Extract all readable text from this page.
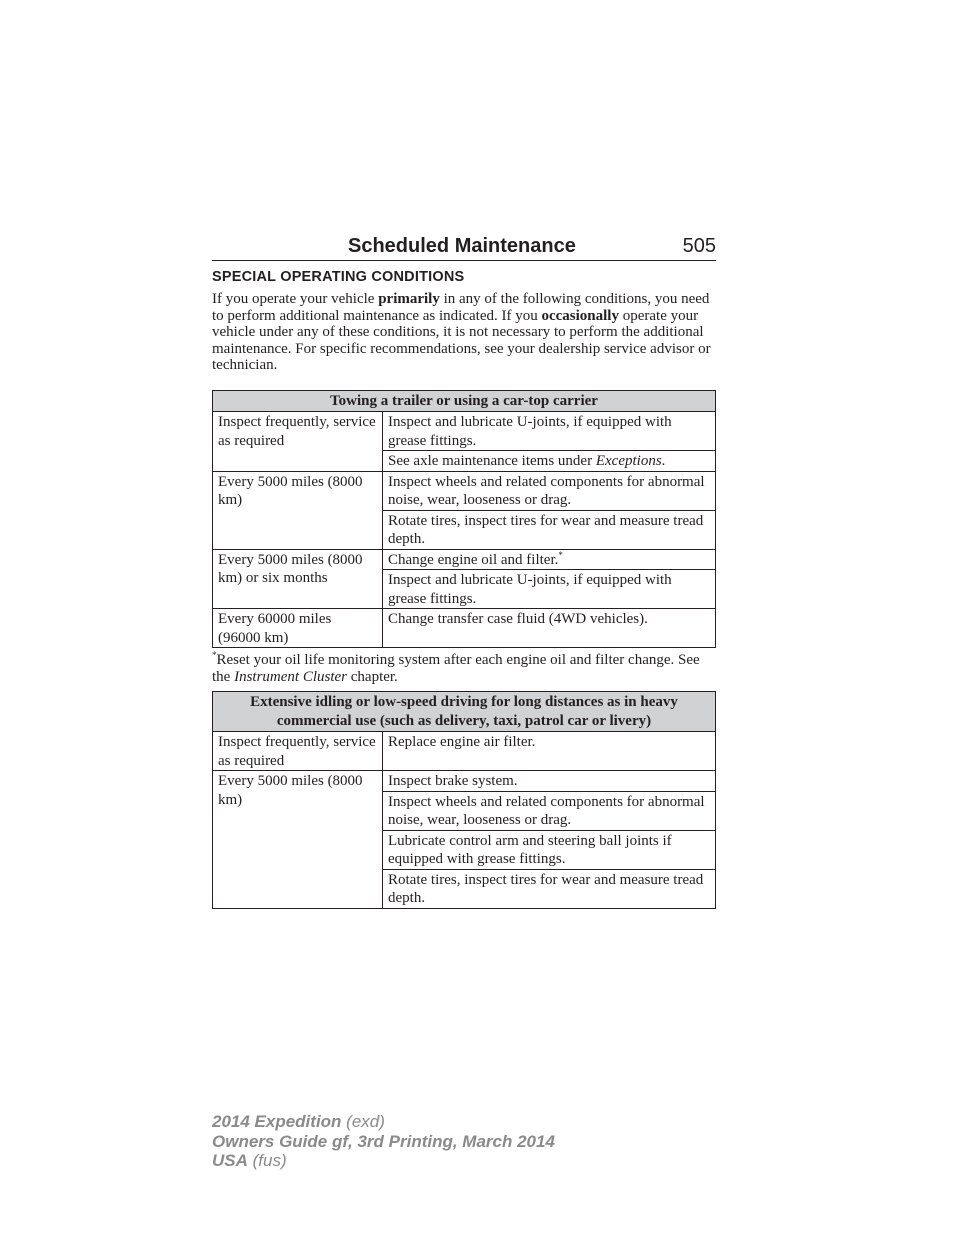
Scheduled Maintenance	505
SPECIAL OPERATING CONDITIONS
If you operate your vehicle primarily in any of the following conditions, you need to perform additional maintenance as indicated. If you occasionally operate your vehicle under any of these conditions, it is not necessary to perform the additional maintenance. For specific recommendations, see your dealership service advisor or technician.
Towing a trailer or using a car-top carrier	
Inspect frequently, service as required	Inspect and lubricate U-joints, if equipped with grease fittings.
	See axle maintenance items under Exceptions.
Every 5000 miles (8000 km)	Inspect wheels and related components for abnormal noise, wear, looseness or drag.
	Rotate tires, inspect tires for wear and measure tread depth.
Every 5000 miles (8000 km) or six months	Change engine oil and filter.*
	Inspect and lubricate U-joints, if equipped with grease fittings.
Every 60000 miles (96000 km)	Change transfer case fluid (4WD vehicles).
*Reset your oil life monitoring system after each engine oil and filter change. See the Instrument Cluster chapter.
Extensive idling or low-speed driving for long distances as in heavy commercial use (such as delivery, taxi, patrol car or livery)	
Inspect frequently, service as required	Replace engine air filter.
Every 5000 miles (8000 km)	Inspect brake system.
	Inspect wheels and related components for abnormal noise, wear, looseness or drag.
	Lubricate control arm and steering ball joints if equipped with grease fittings.
	Rotate tires, inspect tires for wear and measure tread depth.
2014 Expedition (exd)
Owners Guide gf, 3rd Printing, March 2014
USA (fus)
